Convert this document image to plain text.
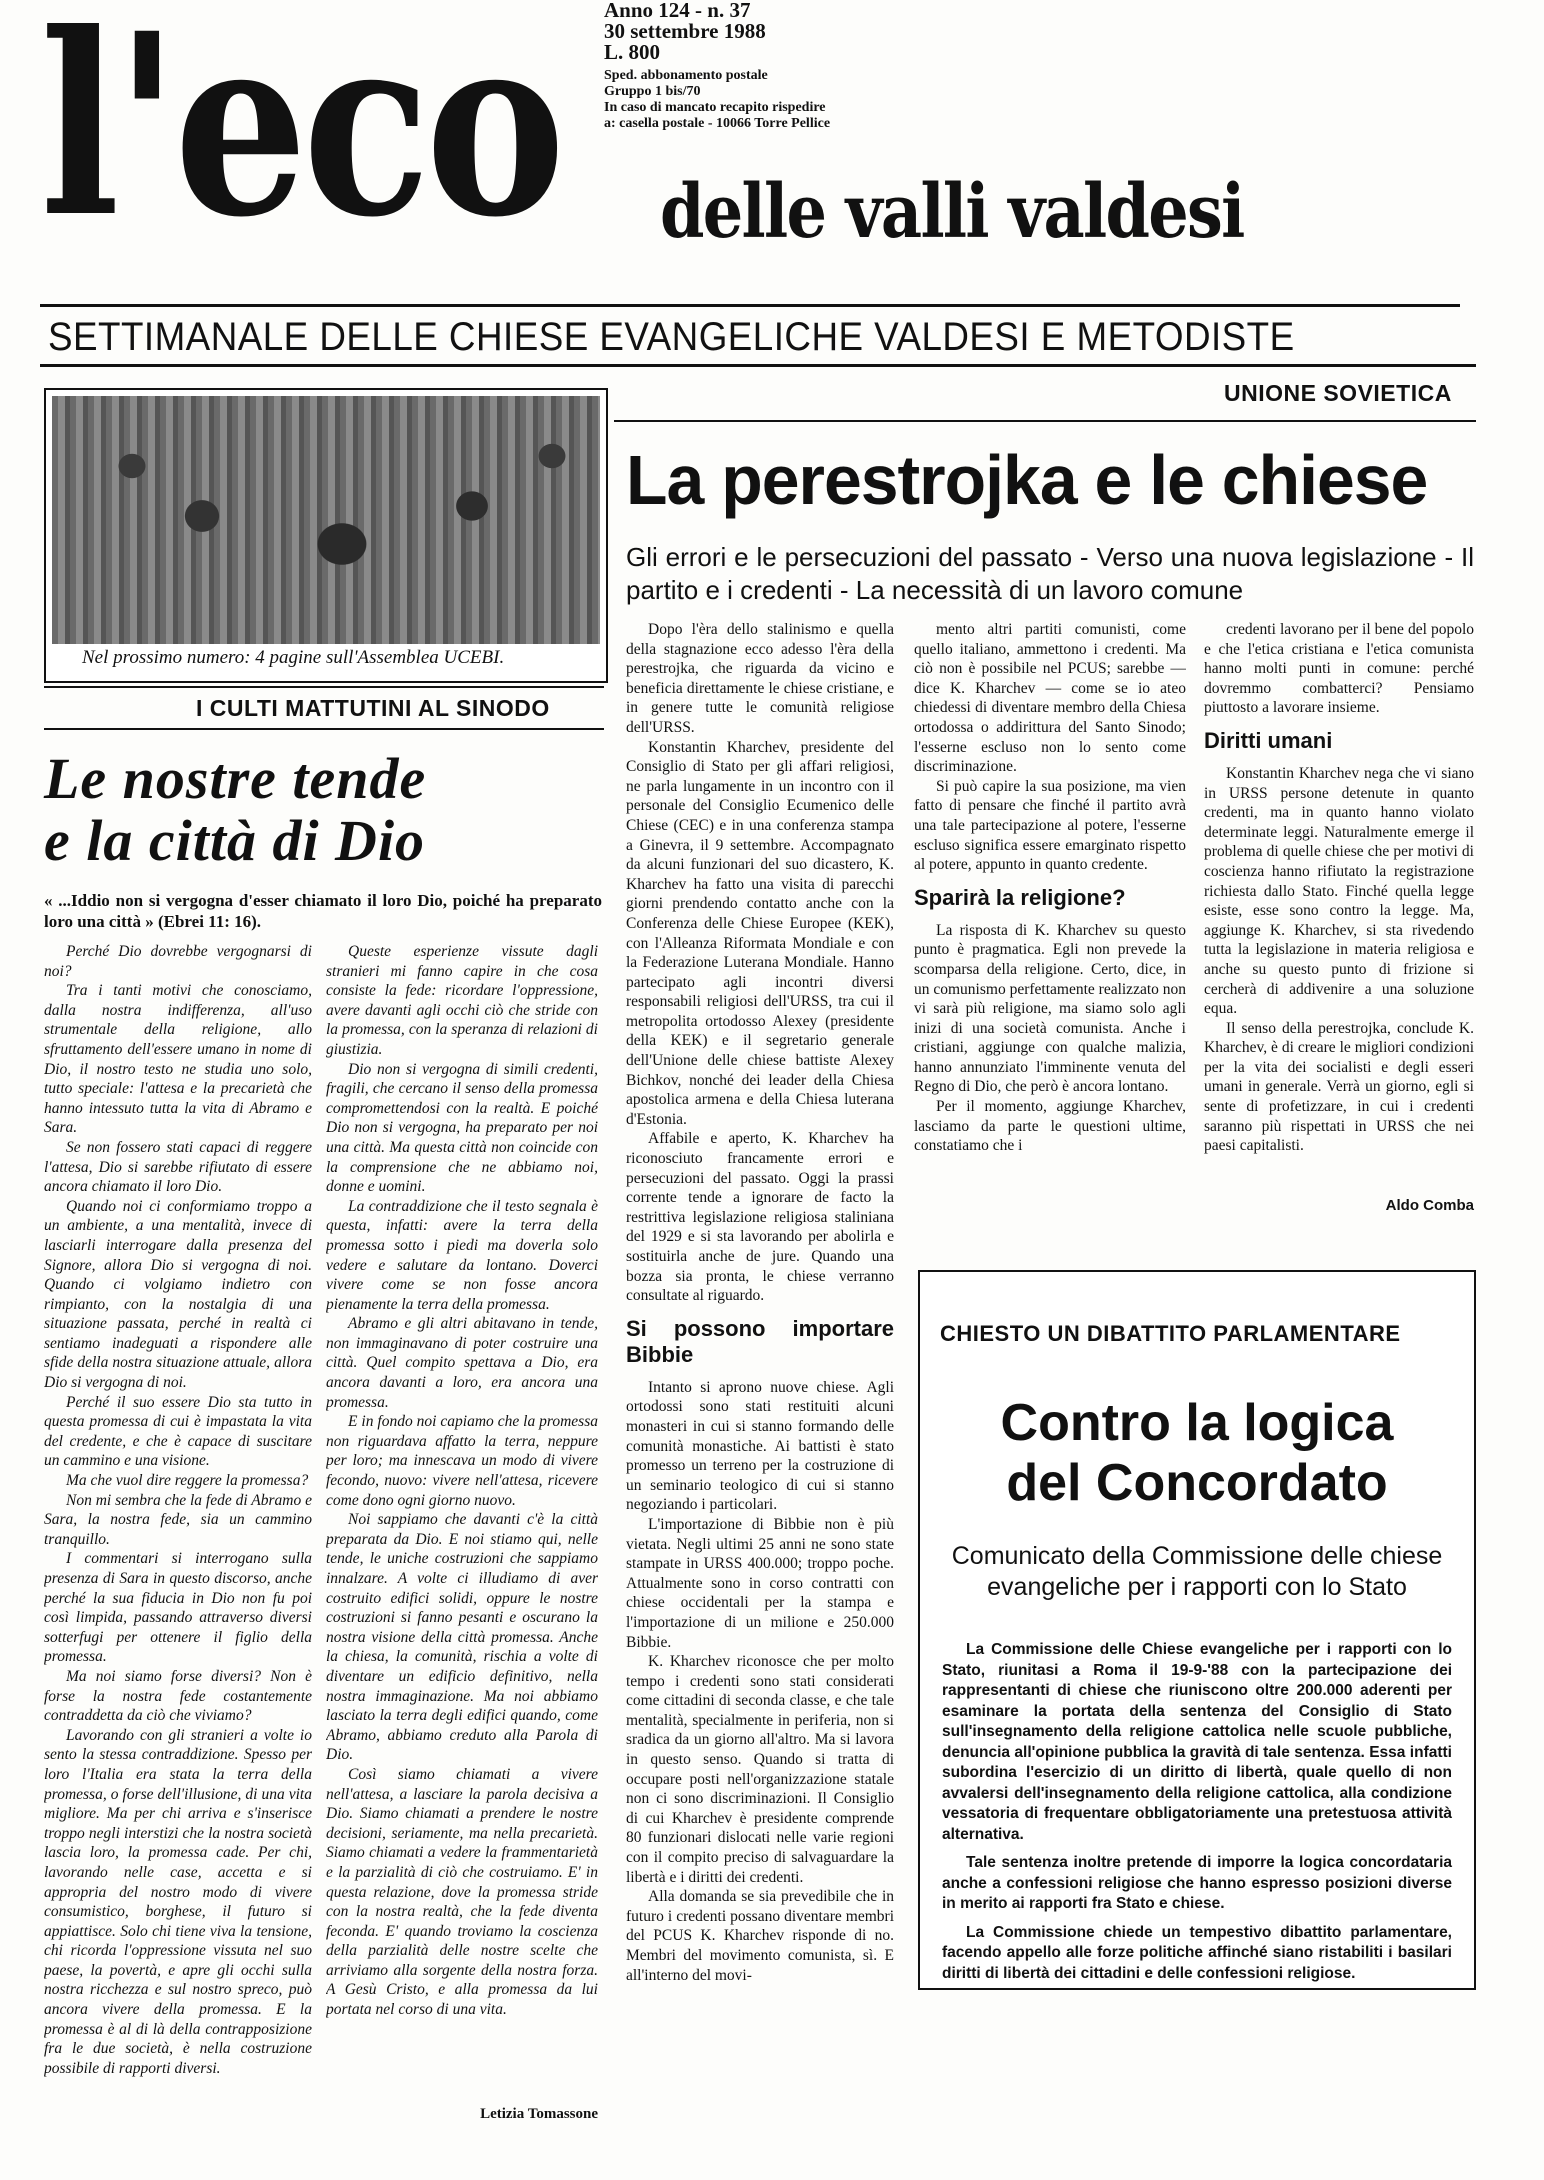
l'eco Anno 124 - n. 37
30 settembre 1988
L. 800
Sped. abbonamento postale
Gruppo 1 bis/70
In caso di mancato recapito rispedire
a: casella postale - 10066 Torre Pellice
delle valli valdesi
SETTIMANALE DELLE CHIESE EVANGELICHE VALDESI E METODISTE
Nel prossimo numero: 4 pagine sull'Assemblea UCEBI.
I CULTI MATTUTINI AL SINODO
Le nostre tende
e la città di Dio
« ...Iddio non si vergogna d'esser chiamato il loro Dio, poiché ha preparato loro una città » (Ebrei 11: 16).

Perché Dio dovrebbe vergognarsi di noi?

Tra i tanti motivi che conosciamo, dalla nostra indifferenza, all'uso strumentale della religione, allo sfruttamento dell'essere umano in nome di Dio, il nostro testo ne studia uno solo, tutto speciale: l'attesa e la precarietà che hanno intessuto tutta la vita di Abramo e Sara.

Se non fossero stati capaci di reggere l'attesa, Dio si sarebbe rifiutato di essere ancora chiamato il loro Dio.

Quando noi ci conformiamo troppo a un ambiente, a una mentalità, invece di lasciarli interrogare dalla presenza del Signore, allora Dio si vergogna di noi. Quando ci volgiamo indietro con rimpianto, con la nostalgia di una situazione passata, perché in realtà ci sentiamo inadeguati a rispondere alle sfide della nostra situazione attuale, allora Dio si vergogna di noi.

Perché il suo essere Dio sta tutto in questa promessa di cui è impastata la vita del credente, e che è capace di suscitare un cammino e una visione.

Ma che vuol dire reggere la promessa?

Non mi sembra che la fede di Abramo e Sara, la nostra fede, sia un cammino tranquillo.

I commentari si interrogano sulla presenza di Sara in questo discorso, anche perché la sua fiducia in Dio non fu poi così limpida, passando attraverso diversi sotterfugi per ottenere il figlio della promessa.

Ma noi siamo forse diversi? Non è forse la nostra fede costantemente contraddetta da ciò che viviamo?

Lavorando con gli stranieri a volte io sento la stessa contraddizione. Spesso per loro l'Italia era stata la terra della promessa, o forse dell'illusione, di una vita migliore. Ma per chi arriva e s'inserisce troppo negli interstizi che la nostra società lascia loro, la promessa cade. Per chi, lavorando nelle case, accetta e si appropria del nostro modo di vivere consumistico, borghese, il futuro si appiattisce. Solo chi tiene viva la tensione, chi ricorda l'oppressione vissuta nel suo paese, la povertà, e apre gli occhi sulla nostra ricchezza e sul nostro spreco, può ancora vivere della promessa. E la promessa è al di là della contrapposizione fra le due società, è nella costruzione possibile di rapporti diversi.

Queste esperienze vissute dagli stranieri mi fanno capire in che cosa consiste la fede: ricordare l'oppressione, avere davanti agli occhi ciò che stride con la promessa, con la speranza di relazioni di giustizia.

Dio non si vergogna di simili credenti, fragili, che cercano il senso della promessa compromettendosi con la realtà. E poiché Dio non si vergogna, ha preparato per noi una città. Ma questa città non coincide con la comprensione che ne abbiamo noi, donne e uomini.

La contraddizione che il testo segnala è questa, infatti: avere la terra della promessa sotto i piedi ma doverla solo vedere e salutare da lontano. Doverci vivere come se non fosse ancora pienamente la terra della promessa.

Abramo e gli altri abitavano in tende, non immaginavano di poter costruire una città. Quel compito spettava a Dio, era ancora davanti a loro, era ancora una promessa.

E in fondo noi capiamo che la promessa non riguardava affatto la terra, neppure per loro; ma innescava un modo di vivere fecondo, nuovo: vivere nell'attesa, ricevere come dono ogni giorno nuovo.

Noi sappiamo che davanti c'è la città preparata da Dio. E noi stiamo qui, nelle tende, le uniche costruzioni che sappiamo innalzare. A volte ci illudiamo di aver costruito edifici solidi, oppure le nostre costruzioni si fanno pesanti e oscurano la nostra visione della città promessa. Anche la chiesa, la comunità, rischia a volte di diventare un edificio definitivo, nella nostra immaginazione. Ma noi abbiamo lasciato la terra degli edifici quando, come Abramo, abbiamo creduto alla Parola di Dio.

Così siamo chiamati a vivere nell'attesa, a lasciare la parola decisiva a Dio. Siamo chiamati a prendere le nostre decisioni, seriamente, ma nella precarietà. Siamo chiamati a vedere la frammentarietà e la parzialità di ciò che costruiamo. E' in questa relazione, dove la promessa stride con la nostra realtà, che la fede diventa feconda. E' quando troviamo la coscienza della parzialità delle nostre scelte che arriviamo alla sorgente della nostra forza. A Gesù Cristo, e alla promessa da lui portata nel corso di una vita.

Letizia Tomassone
UNIONE SOVIETICA
La perestrojka e le chiese
Gli errori e le persecuzioni del passato - Verso una nuova legislazione - Il partito e i credenti - La necessità di un lavoro comune

Dopo l'èra dello stalinismo e quella della stagnazione ecco adesso l'èra della perestrojka, che riguarda da vicino e beneficia direttamente le chiese cristiane, e in genere tutte le comunità religiose dell'URSS.

Konstantin Kharchev, presidente del Consiglio di Stato per gli affari religiosi, ne parla lungamente in un incontro con il personale del Consiglio Ecumenico delle Chiese (CEC) e in una conferenza stampa a Ginevra, il 9 settembre. Accompagnato da alcuni funzionari del suo dicastero, K. Kharchev ha fatto una visita di parecchi giorni prendendo contatto anche con la Conferenza delle Chiese Europee (KEK), con l'Alleanza Riformata Mondiale e con la Federazione Luterana Mondiale. Hanno partecipato agli incontri diversi responsabili religiosi dell'URSS, tra cui il metropolita ortodosso Alexey (presidente della KEK) e il segretario generale dell'Unione delle chiese battiste Alexey Bichkov, nonché dei leader della Chiesa apostolica armena e della Chiesa luterana d'Estonia.

Affabile e aperto, K. Kharchev ha riconosciuto francamente errori e persecuzioni del passato. Oggi la prassi corrente tende a ignorare de facto la restrittiva legislazione religiosa staliniana del 1929 e si sta lavorando per abolirla e sostituirla anche de jure. Quando una bozza sia pronta, le chiese verranno consultate al riguardo.

Si possono importare Bibbie

Intanto si aprono nuove chiese. Agli ortodossi sono stati restituiti alcuni monasteri in cui si stanno formando delle comunità monastiche. Ai battisti è stato promesso un terreno per la costruzione di un seminario teologico di cui si stanno negoziando i particolari.

L'importazione di Bibbie non è più vietata. Negli ultimi 25 anni ne sono state stampate in URSS 400.000; troppo poche. Attualmente sono in corso contratti con chiese occidentali per la stampa e l'importazione di un milione e 250.000 Bibbie.

K. Kharchev riconosce che per molto tempo i credenti sono stati considerati come cittadini di seconda classe, e che tale mentalità, specialmente in periferia, non si sradica da un giorno all'altro. Ma si lavora in questo senso. Quando si tratta di occupare posti nell'organizzazione statale non ci sono discriminazioni. Il Consiglio di cui Kharchev è presidente comprende 80 funzionari dislocati nelle varie regioni con il compito preciso di salvaguardare la libertà e i diritti dei credenti.

Alla domanda se sia prevedibile che in futuro i credenti possano diventare membri del PCUS K. Kharchev risponde di no. Membri del movimento comunista, sì. E all'interno del movi-

mento altri partiti comunisti, come quello italiano, ammettono i credenti. Ma ciò non è possibile nel PCUS; sarebbe — dice K. Kharchev — come se io ateo chiedessi di diventare membro della Chiesa ortodossa o addirittura del Santo Sinodo; l'esserne escluso non lo sento come discriminazione.

Si può capire la sua posizione, ma vien fatto di pensare che finché il partito avrà una tale partecipazione al potere, l'esserne escluso significa essere emarginato rispetto al potere, appunto in quanto credente.

Sparirà la religione?

La risposta di K. Kharchev su questo punto è pragmatica. Egli non prevede la scomparsa della religione. Certo, dice, in un comunismo perfettamente realizzato non vi sarà più religione, ma siamo solo agli inizi di una società comunista. Anche i cristiani, aggiunge con qualche malizia, hanno annunziato l'imminente venuta del Regno di Dio, che però è ancora lontano.

Per il momento, aggiunge Kharchev, lasciamo da parte le questioni ultime, constatiamo che i

credenti lavorano per il bene del popolo e che l'etica cristiana e l'etica comunista hanno molti punti in comune: perché dovremmo combatterci? Pensiamo piuttosto a lavorare insieme.

Diritti umani

Konstantin Kharchev nega che vi siano in URSS persone detenute in quanto credenti, ma in quanto hanno violato determinate leggi. Naturalmente emerge il problema di quelle chiese che per motivi di coscienza hanno rifiutato la registrazione richiesta dallo Stato. Finché quella legge esiste, esse sono contro la legge. Ma, aggiunge K. Kharchev, si sta rivedendo tutta la legislazione in materia religiosa e anche su questo punto di frizione si cercherà di addivenire a una soluzione equa.

Il senso della perestrojka, conclude K. Kharchev, è di creare le migliori condizioni per la vita dei socialisti e degli esseri umani in generale. Verrà un giorno, egli si sente di profetizzare, in cui i credenti saranno più rispettati in URSS che nei paesi capitalisti.

Aldo Comba
CHIESTO UN DIBATTITO PARLAMENTARE
Contro la logica
del Concordato
Comunicato della Commissione delle chiese evangeliche per i rapporti con lo Stato

La Commissione delle Chiese evangeliche per i rapporti con lo Stato, riunitasi a Roma il 19-9-'88 con la partecipazione dei rappresentanti di chiese che riuniscono oltre 200.000 aderenti per esaminare la portata della sentenza del Consiglio di Stato sull'insegnamento della religione cattolica nelle scuole pubbliche, denuncia all'opinione pubblica la gravità di tale sentenza. Essa infatti subordina l'esercizio di un diritto di libertà, quale quello di non avvalersi dell'insegnamento della religione cattolica, alla condizione vessatoria di frequentare obbligatoriamente una pretestuosa attività alternativa.

Tale sentenza inoltre pretende di imporre la logica concordataria anche a confessioni religiose che hanno espresso posizioni diverse in merito ai rapporti fra Stato e chiese.

La Commissione chiede un tempestivo dibattito parlamentare, facendo appello alle forze politiche affinché siano ristabiliti i basilari diritti di libertà dei cittadini e delle confessioni religiose.
